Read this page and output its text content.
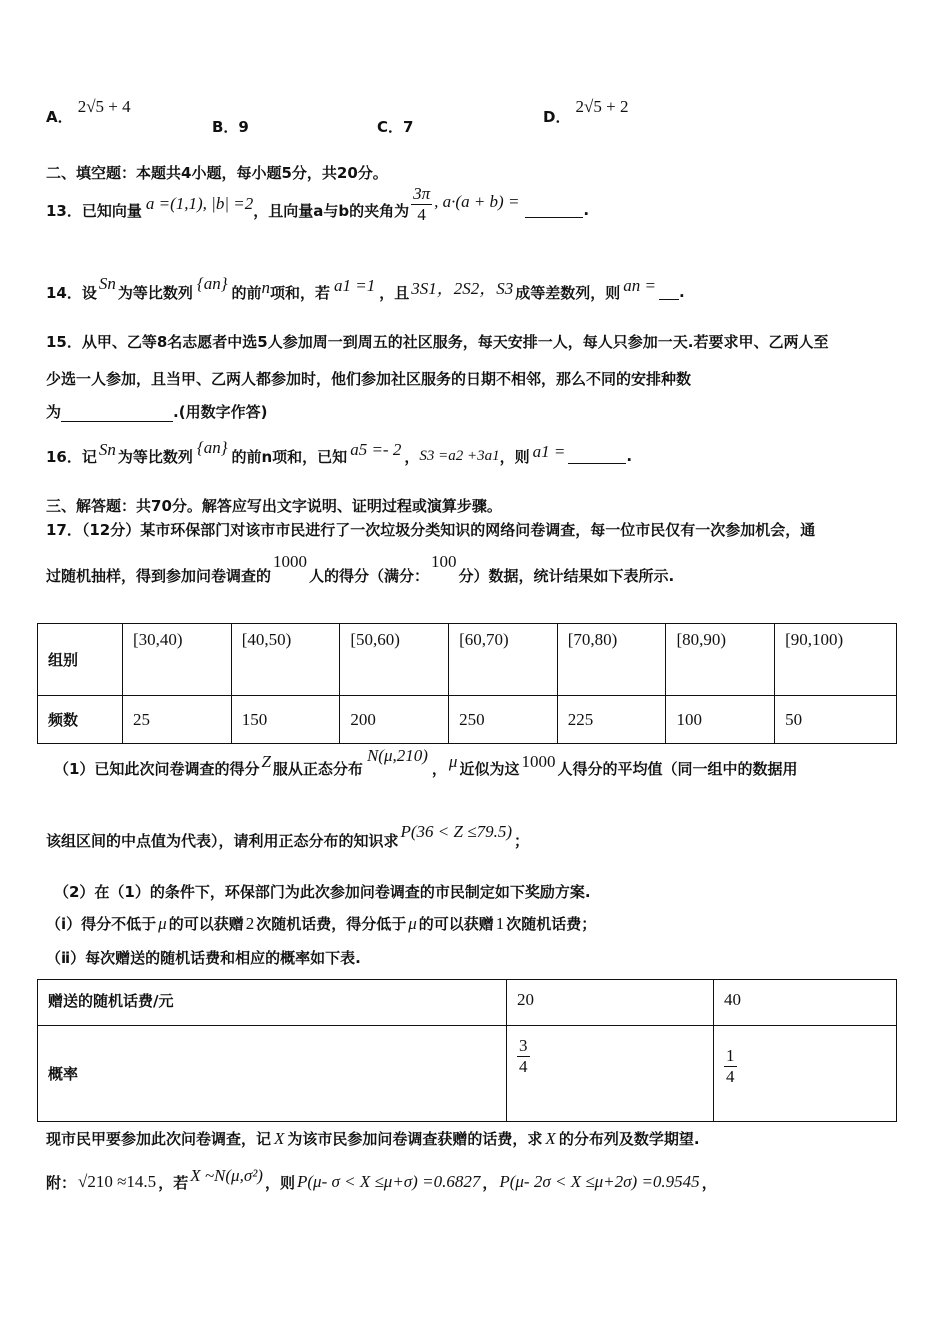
A． 2√5 + 4
B．9	C．7
D． 2√5 + 2
二、填空题：本题共4小题，每小题5分，共20分。
13．已知向量 a =(1,1), |b| =2 ，且向量a与b的夹角为 $\frac{3\pi}{4}$ , a·(a + b) =	.
14．设 Sn 为等比数列 {an} 的前 n 项和，若 a1 =1 ，且 3S1，2S2，S3 成等差数列，则 an = .
15．从甲、乙等8名志愿者中选5人参加周一到周五的社区服务，每天安排一人，每人只参加一天.若要求甲、乙两人至
少选一人参加，且当甲、乙两人都参加时，他们参加社区服务的日期不相邻，那么不同的安排种数
为	.(用数字作答)
16．记 Sn 为等比数列 {an} 的前n项和，已知 a5 =- 2 ， S3 =a2 +3a1 ，则 a1 =	.
三、解答题：共70分。解答应写出文字说明、证明过程或演算步骤。
17．（12分）某市环保部门对该市市民进行了一次垃圾分类知识的网络问卷调查，每一位市民仅有一次参加机会，通
过随机抽样，得到参加问卷调查的
1000
人的得分（满分：
100
分）数据，统计结果如下表所示.
组别	[30,40)	[40,50)	[50,60)	[60,70)	[70,80)	[80,90)	[90,100)
频数	25	150	200	250	225	100	50
（1）已知此次问卷调查的得分 Z 服从正态分布
N(μ,210)
， μ 近似为这 1000 人得分的平均值（同一组中的数据用
该组区间的中点值为代表），请利用正态分布的知识求 P(36 < Z ≤79.5) ；
（2）在（1）的条件下，环保部门为此次参加问卷调查的市民制定如下奖励方案.
（ⅰ）得分不低于 μ 的可以获赠 2 次随机话费，得分低于 μ 的可以获赠 1 次随机话费；
（ⅱ）每次赠送的随机话费和相应的概率如下表.
赠送的随机话费/元	20	40
概率	$\frac{3}{4}$	$\frac{1}{4}$
现市民甲要参加此次问卷调查，记 X 为该市民参加问卷调查获赠的话费，求 X 的分布列及数学期望.
附： √210 ≈14.5 ，若 X ~N(μ,σ²) ，则 P(μ- σ < X ≤μ+σ) =0.6827 ， P(μ- 2σ < X ≤μ+2σ) =0.9545 ，
